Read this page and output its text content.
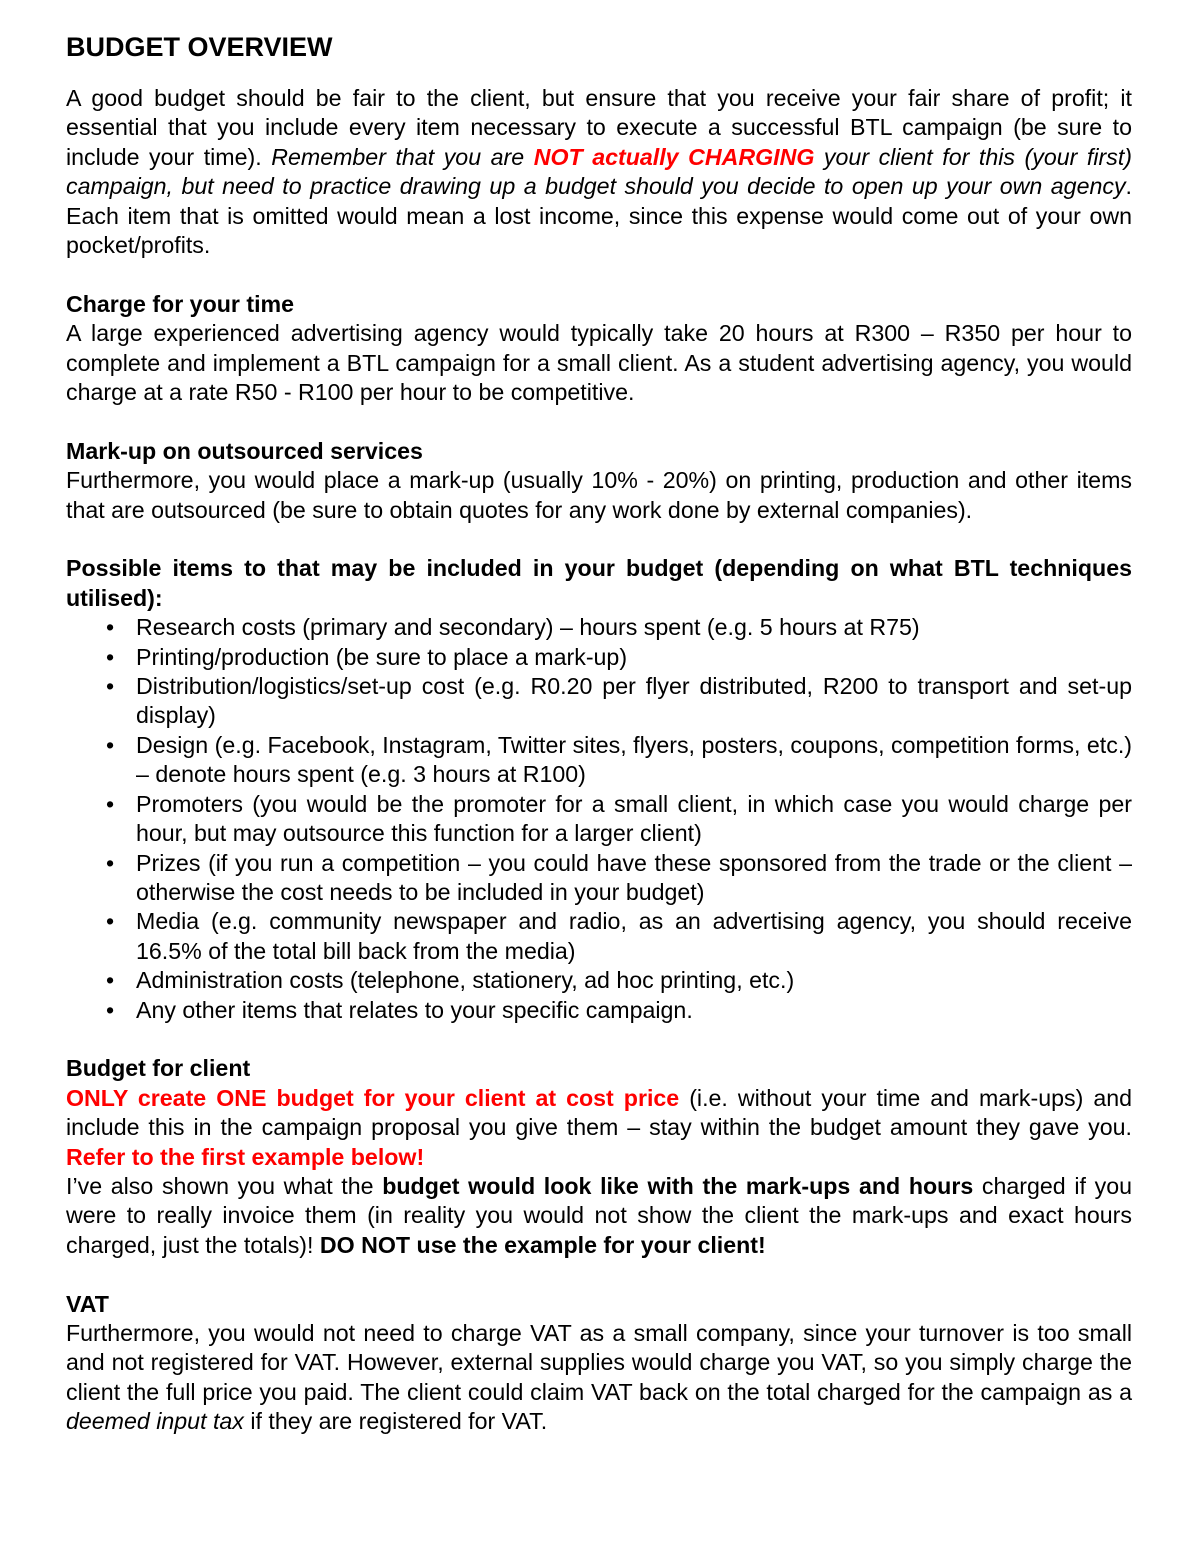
BUDGET OVERVIEW

A good budget should be fair to the client, but ensure that you receive your fair share of profit; it essential that you include every item necessary to execute a successful BTL campaign (be sure to include your time). Remember that you are NOT actually CHARGING your client for this (your first) campaign, but need to practice drawing up a budget should you decide to open up your own agency. Each item that is omitted would mean a lost income, since this expense would come out of your own pocket/profits.

Charge for your time

A large experienced advertising agency would typically take 20 hours at R300 – R350 per hour to complete and implement a BTL campaign for a small client. As a student advertising agency, you would charge at a rate R50 - R100 per hour to be competitive.

Mark-up on outsourced services

Furthermore, you would place a mark-up (usually 10% - 20%) on printing, production and other items that are outsourced (be sure to obtain quotes for any work done by external companies).

Possible items to that may be included in your budget (depending on what BTL techniques utilised):

• Research costs (primary and secondary) – hours spent (e.g. 5 hours at R75)
• Printing/production (be sure to place a mark-up)
• Distribution/logistics/set-up cost (e.g. R0.20 per flyer distributed, R200 to transport and set-up display)
• Design (e.g. Facebook, Instagram, Twitter sites, flyers, posters, coupons, competition forms, etc.) – denote hours spent (e.g. 3 hours at R100)
• Promoters (you would be the promoter for a small client, in which case you would charge per hour, but may outsource this function for a larger client)
• Prizes (if you run a competition – you could have these sponsored from the trade or the client – otherwise the cost needs to be included in your budget)
• Media (e.g. community newspaper and radio, as an advertising agency, you should receive 16.5% of the total bill back from the media)
• Administration costs (telephone, stationery, ad hoc printing, etc.)
• Any other items that relates to your specific campaign.
Budget for client

ONLY create ONE budget for your client at cost price (i.e. without your time and mark-ups) and include this in the campaign proposal you give them – stay within the budget amount they gave you. Refer to the first example below!

I’ve also shown you what the budget would look like with the mark-ups and hours charged if you were to really invoice them (in reality you would not show the client the mark-ups and exact hours charged, just the totals)! DO NOT use the example for your client!

VAT

Furthermore, you would not need to charge VAT as a small company, since your turnover is too small and not registered for VAT. However, external supplies would charge you VAT, so you simply charge the client the full price you paid. The client could claim VAT back on the total charged for the campaign as a deemed input tax if they are registered for VAT.
